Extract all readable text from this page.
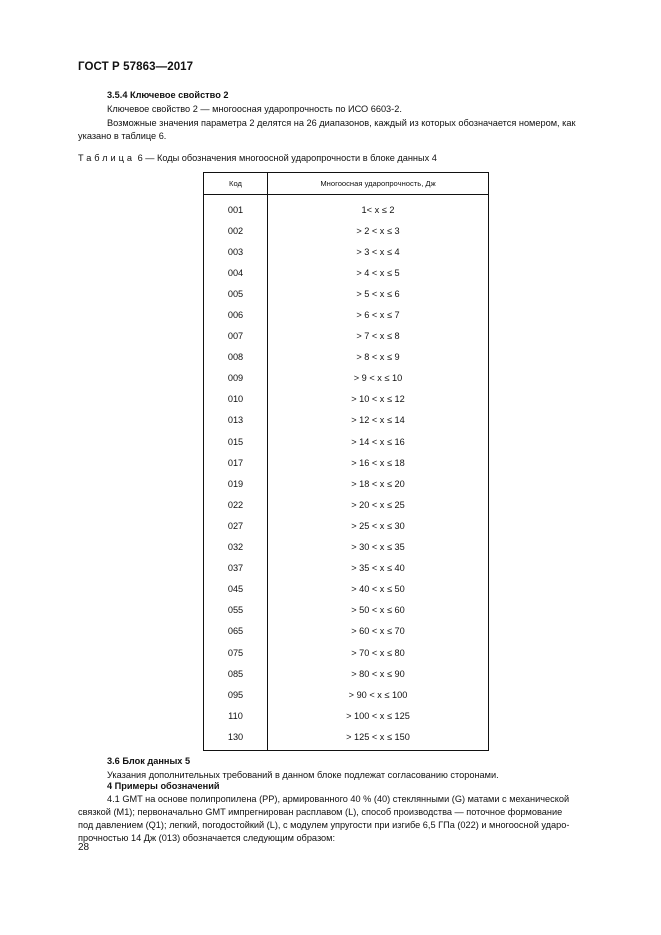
ГОСТ Р 57863—2017
3.5.4 Ключевое свойство 2
Ключевое свойство 2 — многоосная ударопрочность по ИСО 6603-2.
Возможные значения параметра 2 делятся на 26 диапазонов, каждый из которых обозначается номером, как
указано в таблице 6.
Таблица 6 — Коды обозначения многоосной ударопрочности в блоке данных 4
Код	Многоосная ударопрочность, Дж
001	1< x ≤ 2
002	> 2 < x ≤ 3
003	> 3 < x ≤ 4
004	> 4 < x ≤ 5
005	> 5 < x ≤ 6
006	> 6 < x ≤ 7
007	> 7 < x ≤ 8
008	> 8 < x ≤ 9
009	> 9 < x ≤ 10
010	> 10 < x ≤ 12
013	> 12 < x ≤ 14
015	> 14 < x ≤ 16
017	> 16 < x ≤ 18
019	> 18 < x ≤ 20
022	> 20 < x ≤ 25
027	> 25 < x ≤ 30
032	> 30 < x ≤ 35
037	> 35 < x ≤ 40
045	> 40 < x ≤ 50
055	> 50 < x ≤ 60
065	> 60 < x ≤ 70
075	> 70 < x ≤ 80
085	> 80 < x ≤ 90
095	> 90 < x ≤ 100
110	> 100 < x ≤ 125
130	> 125 < x ≤ 150
3.6 Блок данных 5
Указания дополнительных требований в данном блоке подлежат согласованию сторонами.
4 Примеры обозначений
4.1 GMT на основе полипропилена (PP), армированного 40 % (40) стеклянными (G) матами с механической
связкой (M1); первоначально GMT импрегнирован расплавом (L), способ производства — поточное формование
под давлением (Q1); легкий, погодостойкий (L), с модулем упругости при изгибе 6,5 ГПа (022) и многоосной ударо-
прочностью 14 Дж (013) обозначается следующим образом:
28
